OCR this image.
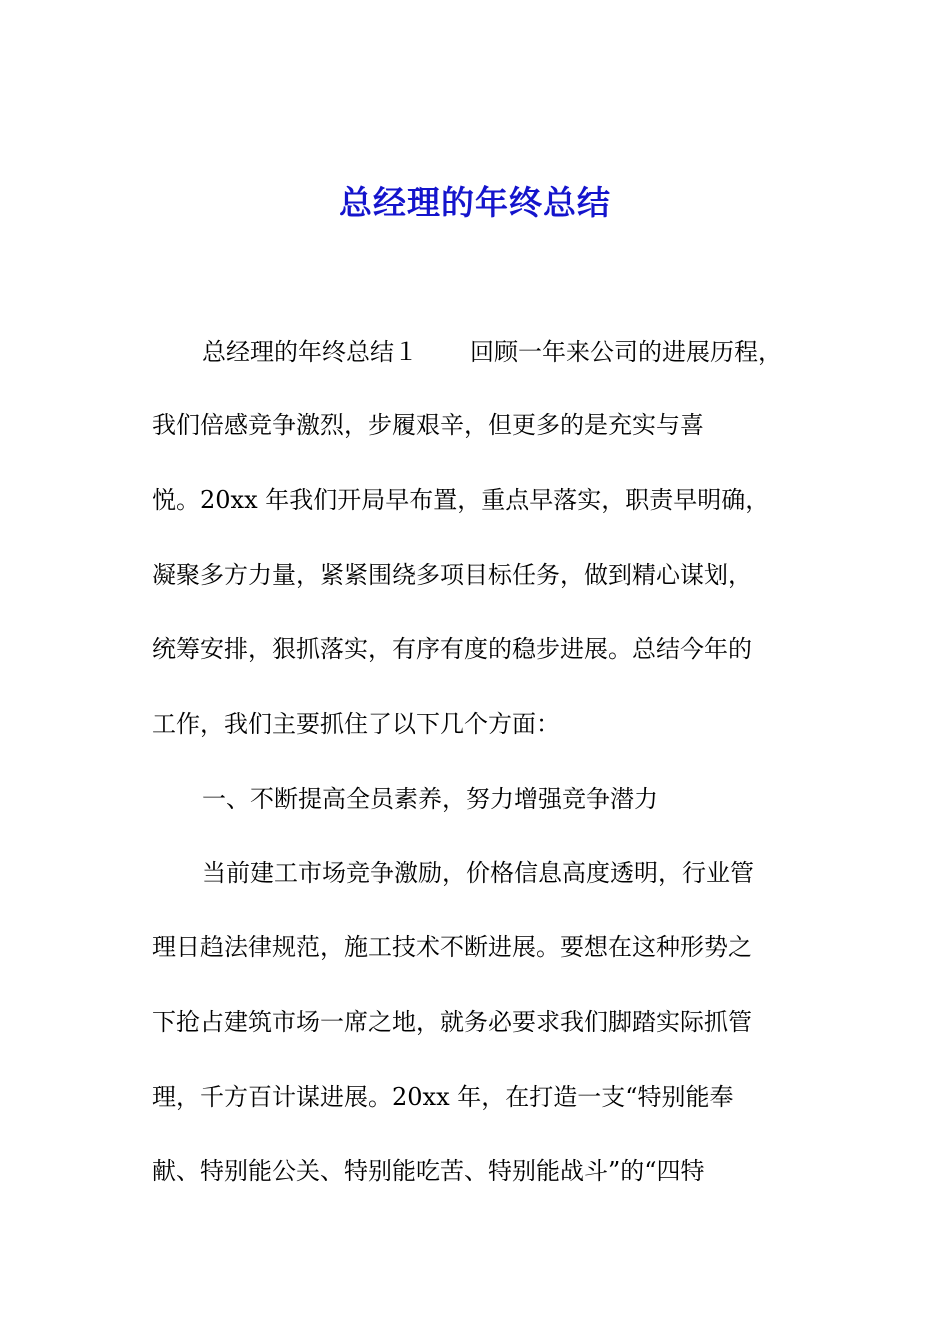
总经理的年终总结
总经理的年终总结１ 回顾一年来公司的进展历程，
我们倍感竞争激烈，步履艰辛，但更多的是充实与喜
悦。20xx 年我们开局早布置，重点早落实，职责早明确，
凝聚多方力量，紧紧围绕多项目标任务，做到精心谋划，
统筹安排，狠抓落实，有序有度的稳步进展。总结今年的
工作，我们主要抓住了以下几个方面：
一、不断提高全员素养，努力增强竞争潜力
当前建工市场竞争激励，价格信息高度透明，行业管
理日趋法律规范，施工技术不断进展。要想在这种形势之
下抢占建筑市场一席之地，就务必要求我们脚踏实际抓管
理，千方百计谋进展。20xx 年，在打造一支“特别能奉
献、特别能公关、特别能吃苦、特别能战斗”的“四特
